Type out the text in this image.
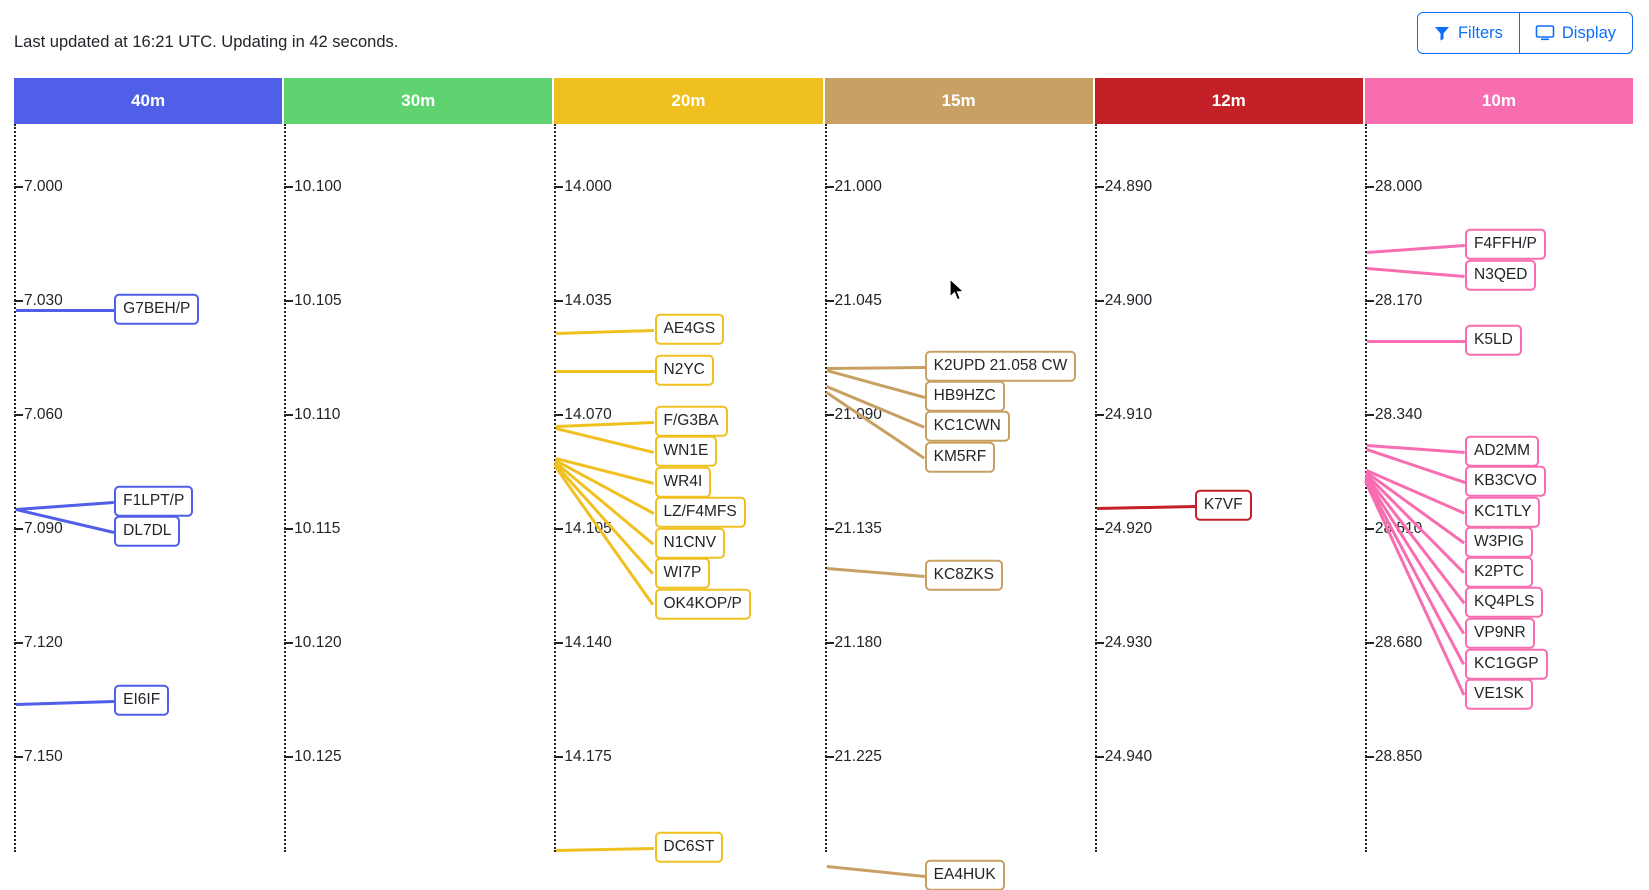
Last updated at 16:21 UTC. Updating in 42 seconds.
Filters	Display
40m
7.000
7.030
7.060
7.090
7.120
7.150
G7BEH/P
F1LPT/P
DL7DL
EI6IF
30m
10.100
10.105
10.110
10.115
10.120
10.125
20m
14.000
14.035
14.070
14.105
14.140
14.175
AE4GS
N2YC
F/G3BA
WN1E
WR4I
LZ/F4MFS
N1CNV
WI7P
OK4KOP/P
DC6ST
15m
21.000
21.045
21.090
21.135
21.180
21.225
K2UPD 21.058 CW
HB9HZC
KC1CWN
KM5RF
KC8ZKS
EA4HUK
12m
24.890
24.900
24.910
24.920
24.930
24.940
K7VF
10m
28.000
28.170
28.340
28.510
28.680
28.850
F4FFH/P
N3QED
K5LD
AD2MM
KB3CVO
KC1TLY
W3PIG
K2PTC
KQ4PLS
VP9NR
KC1GGP
VE1SK
